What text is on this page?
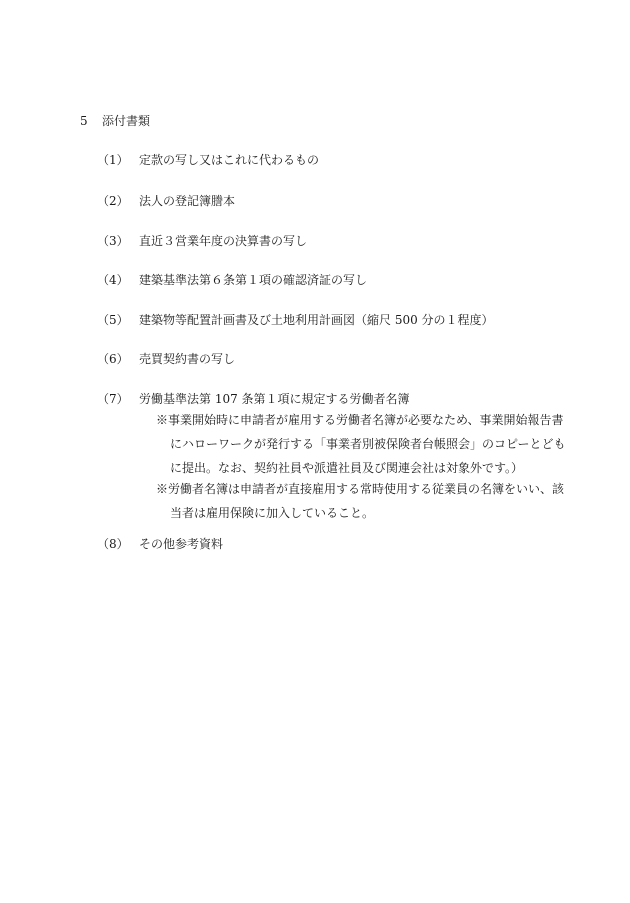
5 添付書類
（1） 定款の写し又はこれに代わるもの
（2） 法人の登記簿謄本
（3） 直近３営業年度の決算書の写し
（4） 建築基準法第６条第１項の確認済証の写し
（5） 建築物等配置計画書及び土地利用計画図（縮尺 500 分の１程度）
（6） 売買契約書の写し
（7） 労働基準法第 107 条第１項に規定する労働者名簿
※事業開始時に申請者が雇用する労働者名簿が必要なため、事業開始報告書
にハローワークが発行する「事業者別被保険者台帳照会」のコピーとども
に提出。なお、契約社員や派遣社員及び関連会社は対象外です。）
※労働者名簿は申請者が直接雇用する常時使用する従業員の名簿をいい、該
当者は雇用保険に加入していること。
（8） その他参考資料
